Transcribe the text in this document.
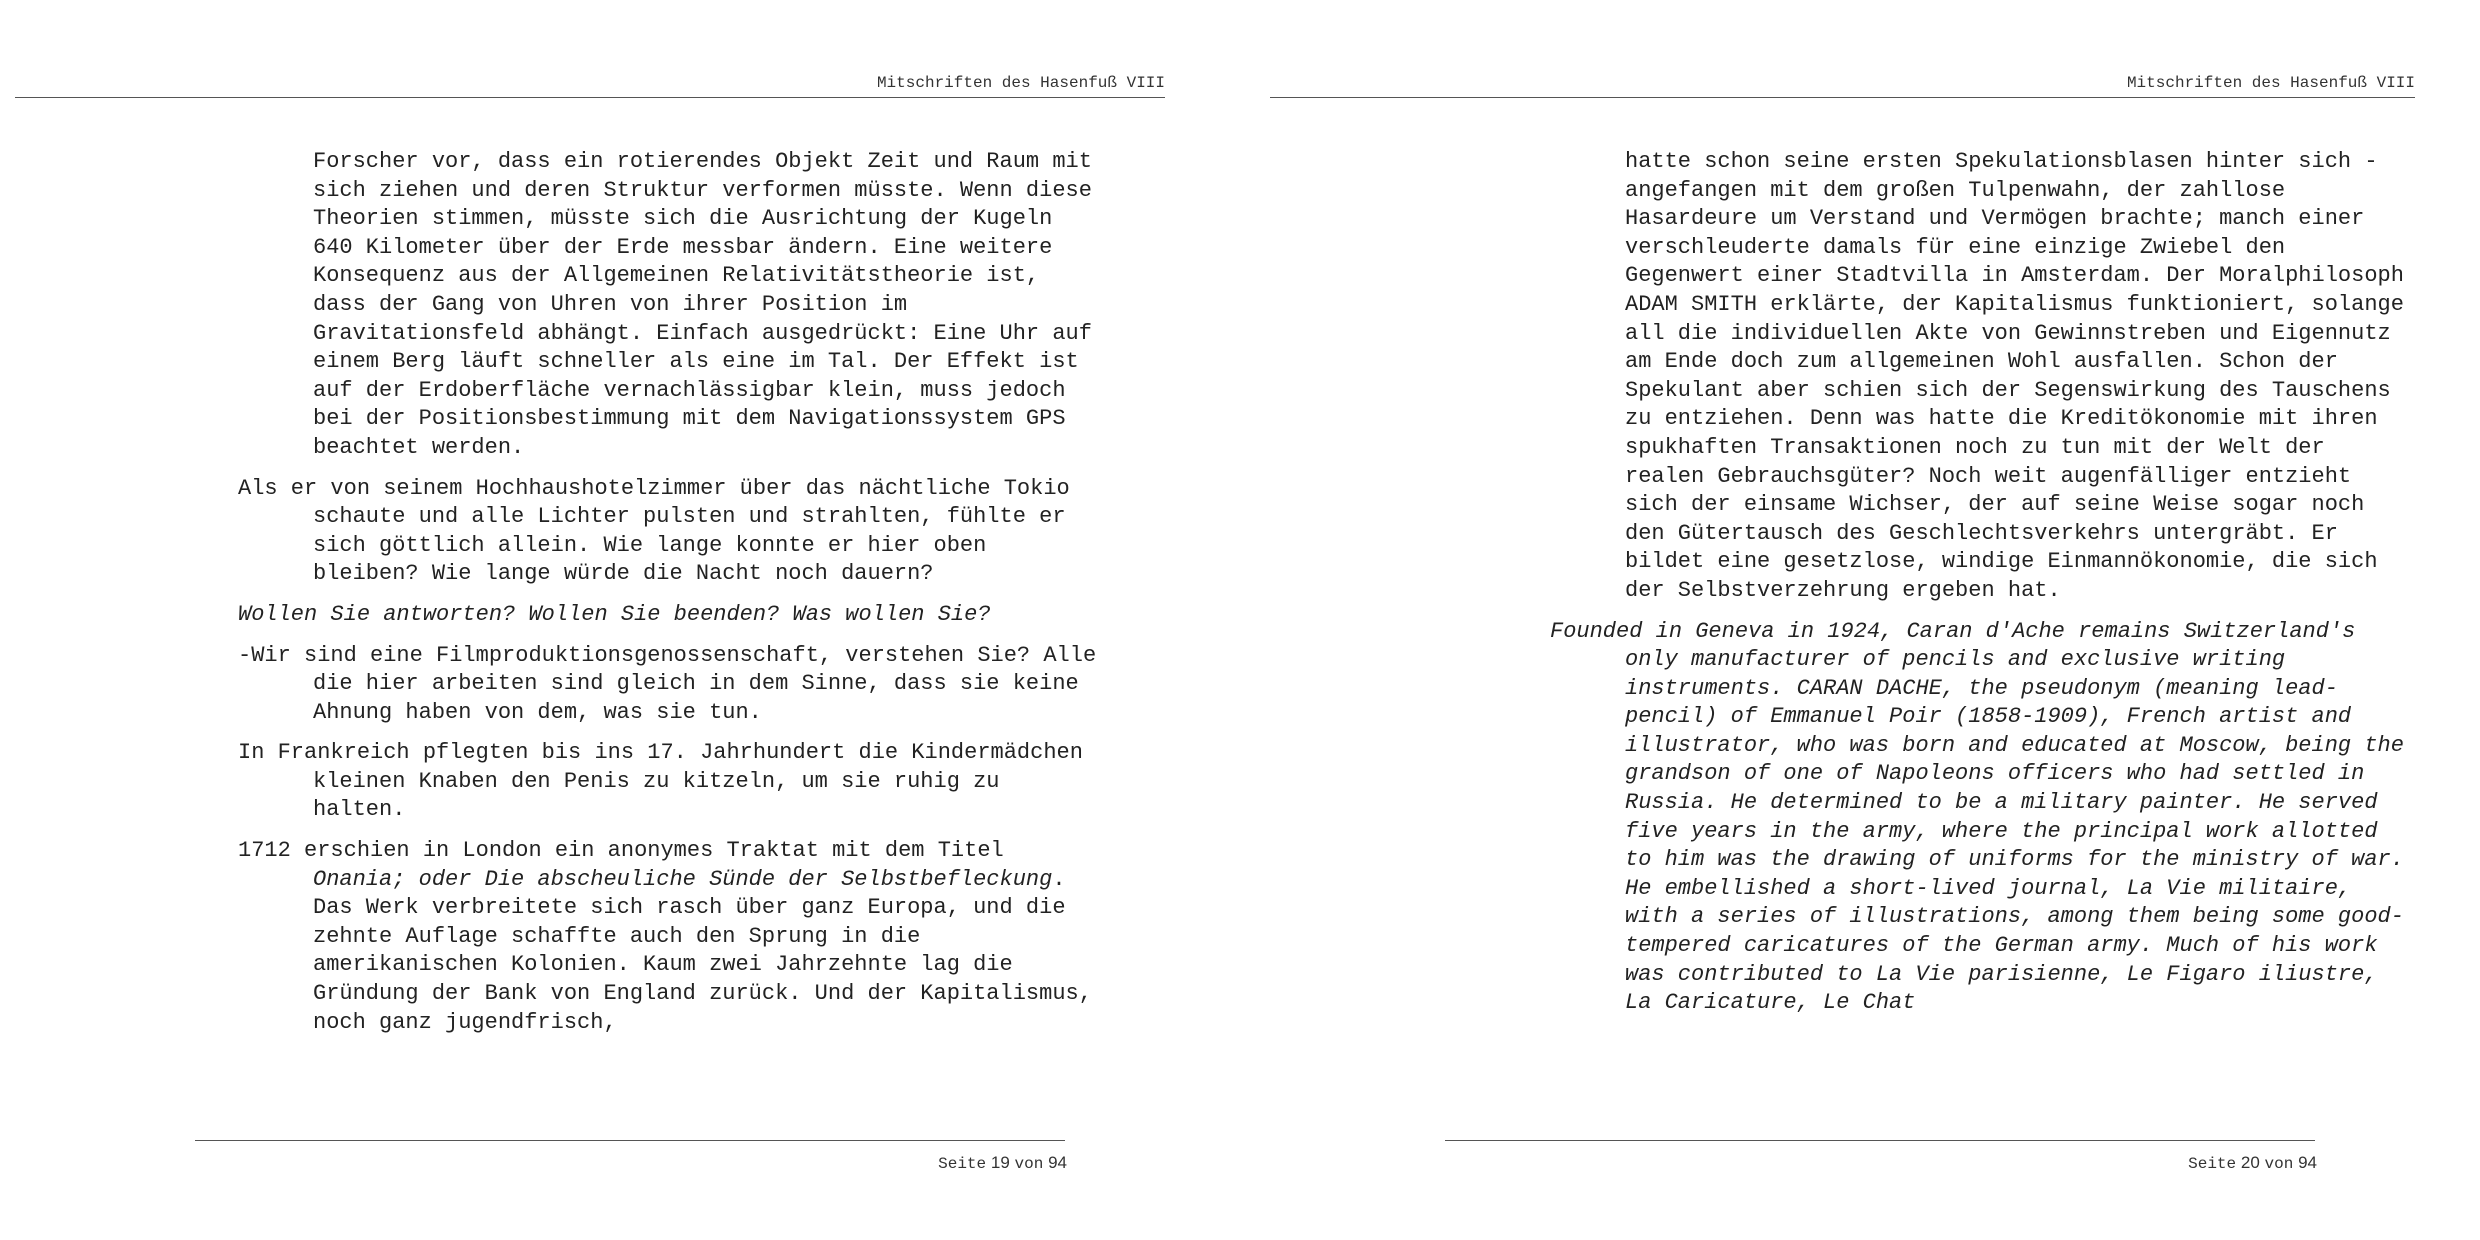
Mitschriften des Hasenfuß VIII

Forscher vor, dass ein rotierendes Objekt Zeit und Raum mit sich ziehen und deren Struktur verformen müsste. Wenn diese Theorien stimmen, müsste sich die Ausrichtung der Kugeln 640 Kilometer über der Erde messbar ändern. Eine weitere Konsequenz aus der Allgemeinen Relativitätstheorie ist, dass der Gang von Uhren von ihrer Position im Gravitationsfeld abhängt. Einfach ausgedrückt: Eine Uhr auf einem Berg läuft schneller als eine im Tal. Der Effekt ist auf der Erdoberfläche vernachlässigbar klein, muss jedoch bei der Positionsbestimmung mit dem Navigationssystem GPS beachtet werden.

Als er von seinem Hochhaushotelzimmer über das nächtliche Tokio schaute und alle Lichter pulsten und strahlten, fühlte er sich göttlich allein. Wie lange konnte er hier oben bleiben? Wie lange würde die Nacht noch dauern?

Wollen Sie antworten? Wollen Sie beenden? Was wollen Sie?

-Wir sind eine Filmproduktionsgenossenschaft, verstehen Sie? Alle die hier arbeiten sind gleich in dem Sinne, dass sie keine Ahnung haben von dem, was sie tun.

In Frankreich pflegten bis ins 17. Jahrhundert die Kindermädchen kleinen Knaben den Penis zu kitzeln, um sie ruhig zu halten.

1712 erschien in London ein anonymes Traktat mit dem Titel Onania; oder Die abscheuliche Sünde der Selbstbefleckung. Das Werk verbreitete sich rasch über ganz Europa, und die zehnte Auflage schaffte auch den Sprung in die amerikanischen Kolonien. Kaum zwei Jahrzehnte lag die Gründung der Bank von England zurück. Und der Kapitalismus, noch ganz jugendfrisch,

Seite 19 von 94
Mitschriften des Hasenfuß VIII

hatte schon seine ersten Spekulationsblasen hinter sich - angefangen mit dem großen Tulpenwahn, der zahllose Hasardeure um Verstand und Vermögen brachte; manch einer verschleuderte damals für eine einzige Zwiebel den Gegenwert einer Stadtvilla in Amsterdam. Der Moralphilosoph ADAM SMITH erklärte, der Kapitalismus funktioniert, solange all die individuellen Akte von Gewinnstreben und Eigennutz am Ende doch zum allgemeinen Wohl ausfallen. Schon der Spekulant aber schien sich der Segenswirkung des Tauschens zu entziehen. Denn was hatte die Kreditökonomie mit ihren spukhaften Transaktionen noch zu tun mit der Welt der realen Gebrauchsgüter? Noch weit augenfälliger entzieht sich der einsame Wichser, der auf seine Weise sogar noch den Gütertausch des Geschlechtsverkehrs untergräbt. Er bildet eine gesetzlose, windige Einmannökonomie, die sich der Selbstverzehrung ergeben hat.

Founded in Geneva in 1924, Caran d'Ache remains Switzerland's only manufacturer of pencils and exclusive writing instruments. CARAN DACHE, the pseudonym (meaning lead-pencil) of Emmanuel Poir (1858-1909), French artist and illustrator, who was born and educated at Moscow, being the grandson of one of Napoleons officers who had settled in Russia. He determined to be a military painter. He served five years in the army, where the principal work allotted to him was the drawing of uniforms for the ministry of war. He embellished a short-lived journal, La Vie militaire, with a series of illustrations, among them being some good-tempered caricatures of the German army. Much of his work was contributed to La Vie parisienne, Le Figaro iliustre, La Caricature, Le Chat

Seite 20 von 94
